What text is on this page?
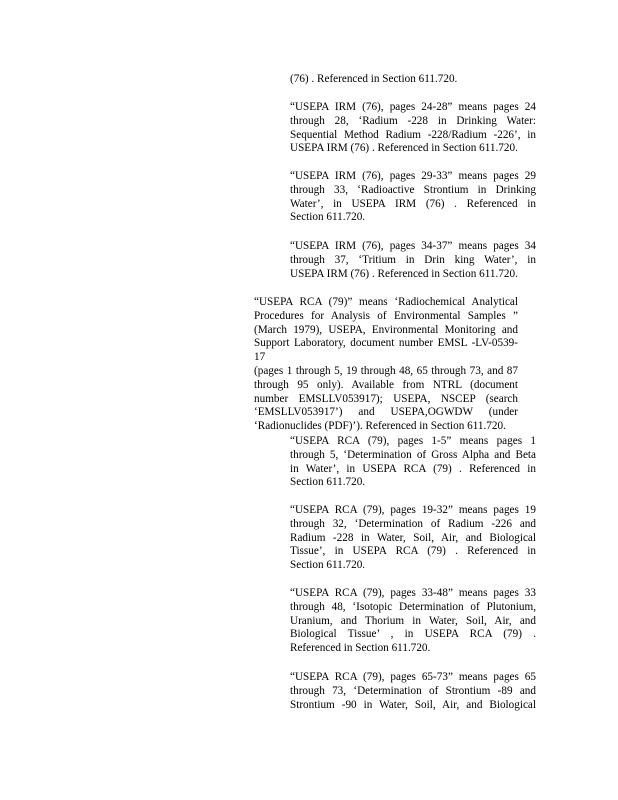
(76) . Referenced in Section 611.720.
“USEPA IRM (76), pages 24-28” means pages 24
through 28, ‘Radium -228 in Drinking Water:
Sequential Method Radium -228/Radium -226’, in
USEPA IRM (76) . Referenced in Section 611.720.
“USEPA IRM (76), pages 29-33” means pages 29
through 33, ‘Radioactive Strontium in Drinking
Water’, in USEPA IRM (76) . Referenced in
Section 611.720.
“USEPA IRM (76), pages 34-37” means pages 34
through 37, ‘Tritium in Drin king Water’, in
USEPA IRM (76) . Referenced in Section 611.720.
“USEPA RCA (79)” means ‘Radiochemical Analytical
Procedures for Analysis of Environmental Samples ”
(March 1979), USEPA, Environmental Monitoring and
Support Laboratory, document number EMSL -LV-0539-17
(pages 1 through 5, 19 through 48, 65 through 73, and 87
through 95 only). Available from NTRL (document
number EMSLLV053917); USEPA, NSCEP (search
‘EMSLLV053917’) and USEPA,OGWDW (under
‘Radionuclides (PDF)’). Referenced in Section 611.720.
“USEPA RCA (79), pages 1-5” means pages 1
through 5, ‘Determination of Gross Alpha and Beta
in Water’, in USEPA RCA (79) . Referenced in
Section 611.720.
“USEPA RCA (79), pages 19-32” means pages 19
through 32, ‘Determination of Radium -226 and
Radium -228 in Water, Soil, Air, and Biological
Tissue’, in USEPA RCA (79) . Referenced in
Section 611.720.
“USEPA RCA (79), pages 33-48” means pages 33
through 48, ‘Isotopic Determination of Plutonium,
Uranium, and Thorium in Water, Soil, Air, and
Biological Tissue’ , in USEPA RCA (79) .
Referenced in Section 611.720.
“USEPA RCA (79), pages 65-73” means pages 65
through 73, ‘Determination of Strontium -89 and
Strontium -90 in Water, Soil, Air, and Biological
